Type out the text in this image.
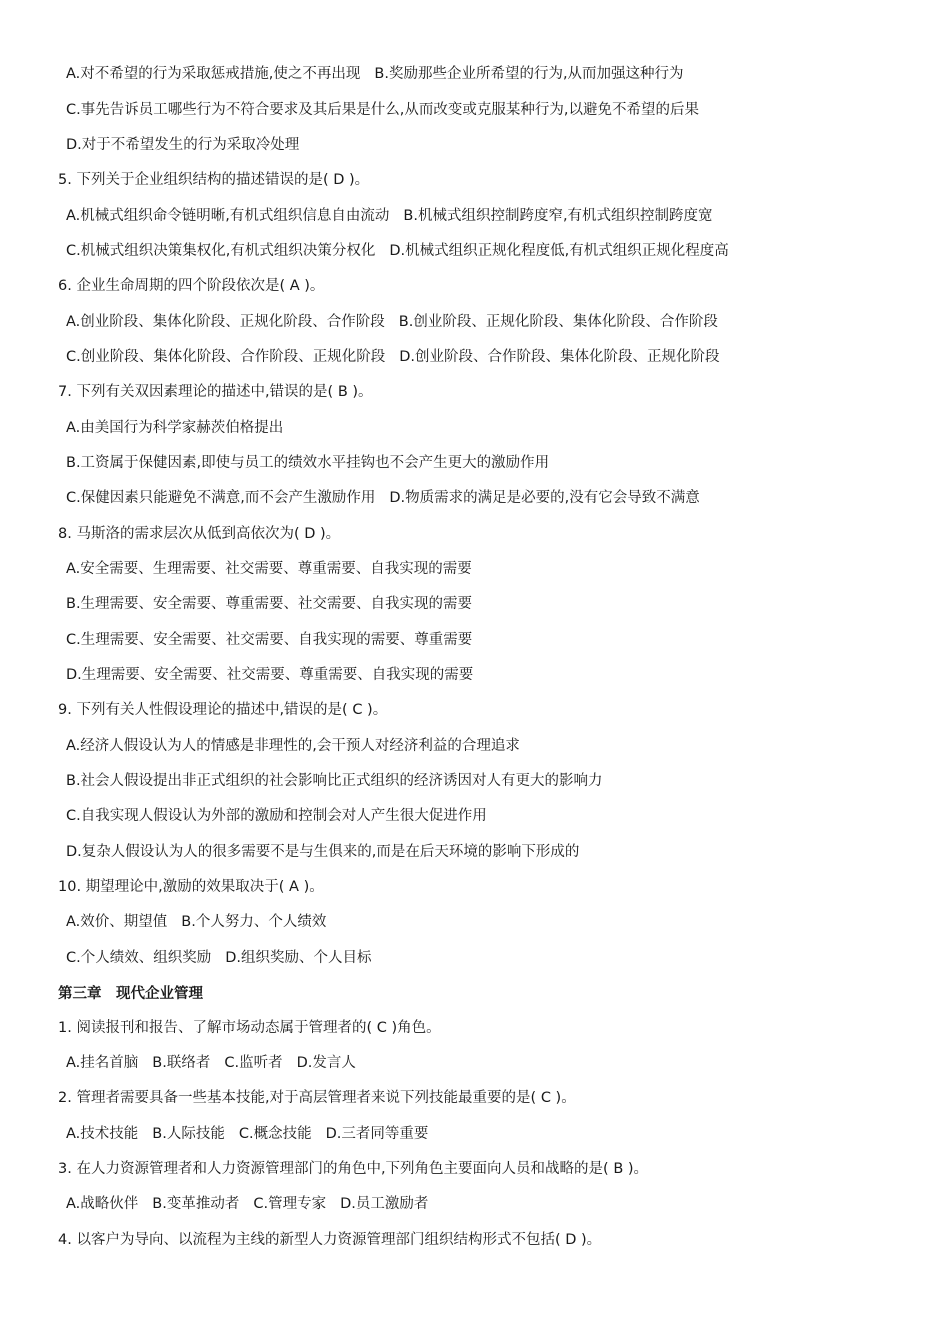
A.对不希望的行为采取惩戒措施,使之不再出现 B.奖励那些企业所希望的行为,从而加强这种行为
C.事先告诉员工哪些行为不符合要求及其后果是什么,从而改变或克服某种行为,以避免不希望的后果
D.对于不希望发生的行为采取冷处理
5. 下列关于企业组织结构的描述错误的是( D )。
A.机械式组织命令链明晰,有机式组织信息自由流动 B.机械式组织控制跨度窄,有机式组织控制跨度宽
C.机械式组织决策集权化,有机式组织决策分权化 D.机械式组织正规化程度低,有机式组织正规化程度高
6. 企业生命周期的四个阶段依次是( A )。
A.创业阶段、集体化阶段、正规化阶段、合作阶段 B.创业阶段、正规化阶段、集体化阶段、合作阶段
C.创业阶段、集体化阶段、合作阶段、正规化阶段 D.创业阶段、合作阶段、集体化阶段、正规化阶段
7. 下列有关双因素理论的描述中,错误的是( B )。
A.由美国行为科学家赫茨伯格提出
B.工资属于保健因素,即使与员工的绩效水平挂钩也不会产生更大的激励作用
C.保健因素只能避免不满意,而不会产生激励作用 D.物质需求的满足是必要的,没有它会导致不满意
8. 马斯洛的需求层次从低到高依次为( D )。
A.安全需要、生理需要、社交需要、尊重需要、自我实现的需要
B.生理需要、安全需要、尊重需要、社交需要、自我实现的需要
C.生理需要、安全需要、社交需要、自我实现的需要、尊重需要
D.生理需要、安全需要、社交需要、尊重需要、自我实现的需要
9. 下列有关人性假设理论的描述中,错误的是( C )。
A.经济人假设认为人的情感是非理性的,会干预人对经济利益的合理追求
B.社会人假设提出非正式组织的社会影响比正式组织的经济诱因对人有更大的影响力
C.自我实现人假设认为外部的激励和控制会对人产生很大促进作用
D.复杂人假设认为人的很多需要不是与生俱来的,而是在后天环境的影响下形成的
10. 期望理论中,激励的效果取决于( A )。
A.效价、期望值 B.个人努力、个人绩效
C.个人绩效、组织奖励 D.组织奖励、个人目标
第三章　现代企业管理
1. 阅读报刊和报告、了解市场动态属于管理者的( C )角色。
A.挂名首脑 B.联络者 C.监听者 D.发言人
2. 管理者需要具备一些基本技能,对于高层管理者来说下列技能最重要的是( C )。
A.技术技能 B.人际技能 C.概念技能 D.三者同等重要
3. 在人力资源管理者和人力资源管理部门的角色中,下列角色主要面向人员和战略的是( B )。
A.战略伙伴 B.变革推动者 C.管理专家 D.员工激励者
4. 以客户为导向、以流程为主线的新型人力资源管理部门组织结构形式不包括( D )。
